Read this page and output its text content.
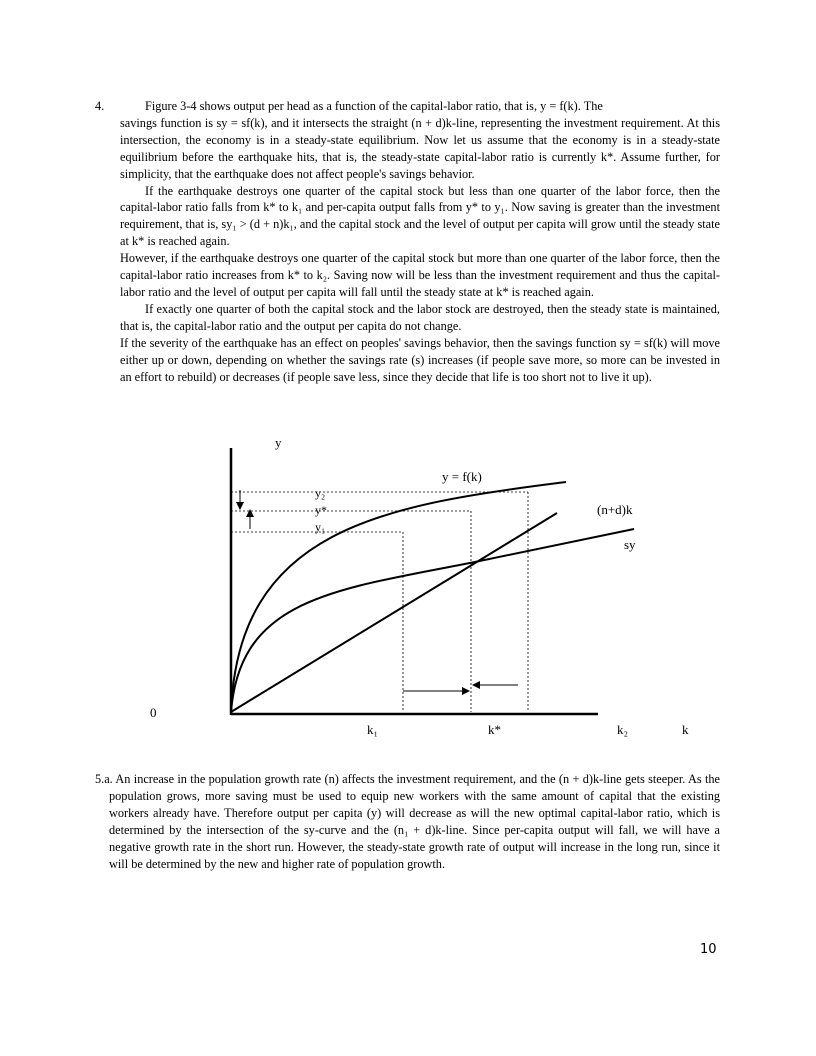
4.	Figure 3-4 shows output per head as a function of the capital-labor ratio, that is, y = f(k). The

savings function is sy = sf(k), and it intersects the straight (n + d)k-line, representing the investment requirement. At this intersection, the economy is in a steady-state equilibrium. Now let us assume that the economy is in a steady-state equilibrium before the earthquake hits, that is, the steady-state capital-labor ratio is currently k*. Assume further, for simplicity, that the earthquake does not affect people's savings behavior.

If the earthquake destroys one quarter of the capital stock but less than one quarter of the labor force, then the capital-labor ratio falls from k* to k₁ and per-capita output falls from y* to y₁. Now saving is greater than the investment requirement, that is, sy₁ > (d + n)k₁, and the capital stock and the level of output per capita will grow until the steady state at k* is reached again.

However, if the earthquake destroys one quarter of the capital stock but more than one quarter of the labor force, then the capital-labor ratio increases from k* to k₂. Saving now will be less than the investment requirement and thus the capital-labor ratio and the level of output per capita will fall until the steady state at k* is reached again.

If exactly one quarter of both the capital stock and the labor stock are destroyed, then the steady state is maintained, that is, the capital-labor ratio and the output per capita do not change.

If the severity of the earthquake has an effect on peoples' savings behavior, then the savings function sy = sf(k) will move either up or down, depending on whether the savings rate (s) increases (if people save more, so more can be invested in an effort to rebuild) or decreases (if people save less, since they decide that life is too short not to live it up).

y
y = f(k)
(n+d)k
sy
y₂
y*
y₁
0
k₁	k*	k₂	k

5.a. An increase in the population growth rate (n) affects the investment requirement, and the (n + d)k-line gets steeper. As the population grows, more saving must be used to equip new workers with the same amount of capital that the existing workers already have. Therefore output per capita (y) will decrease as will the new optimal capital-labor ratio, which is determined by the intersection of the sy-curve and the (n₁ + d)k-line. Since per-capita output will fall, we will have a negative growth rate in the short run. However, the steady-state growth rate of output will increase in the long run, since it will be determined by the new and higher rate of population growth.

10
